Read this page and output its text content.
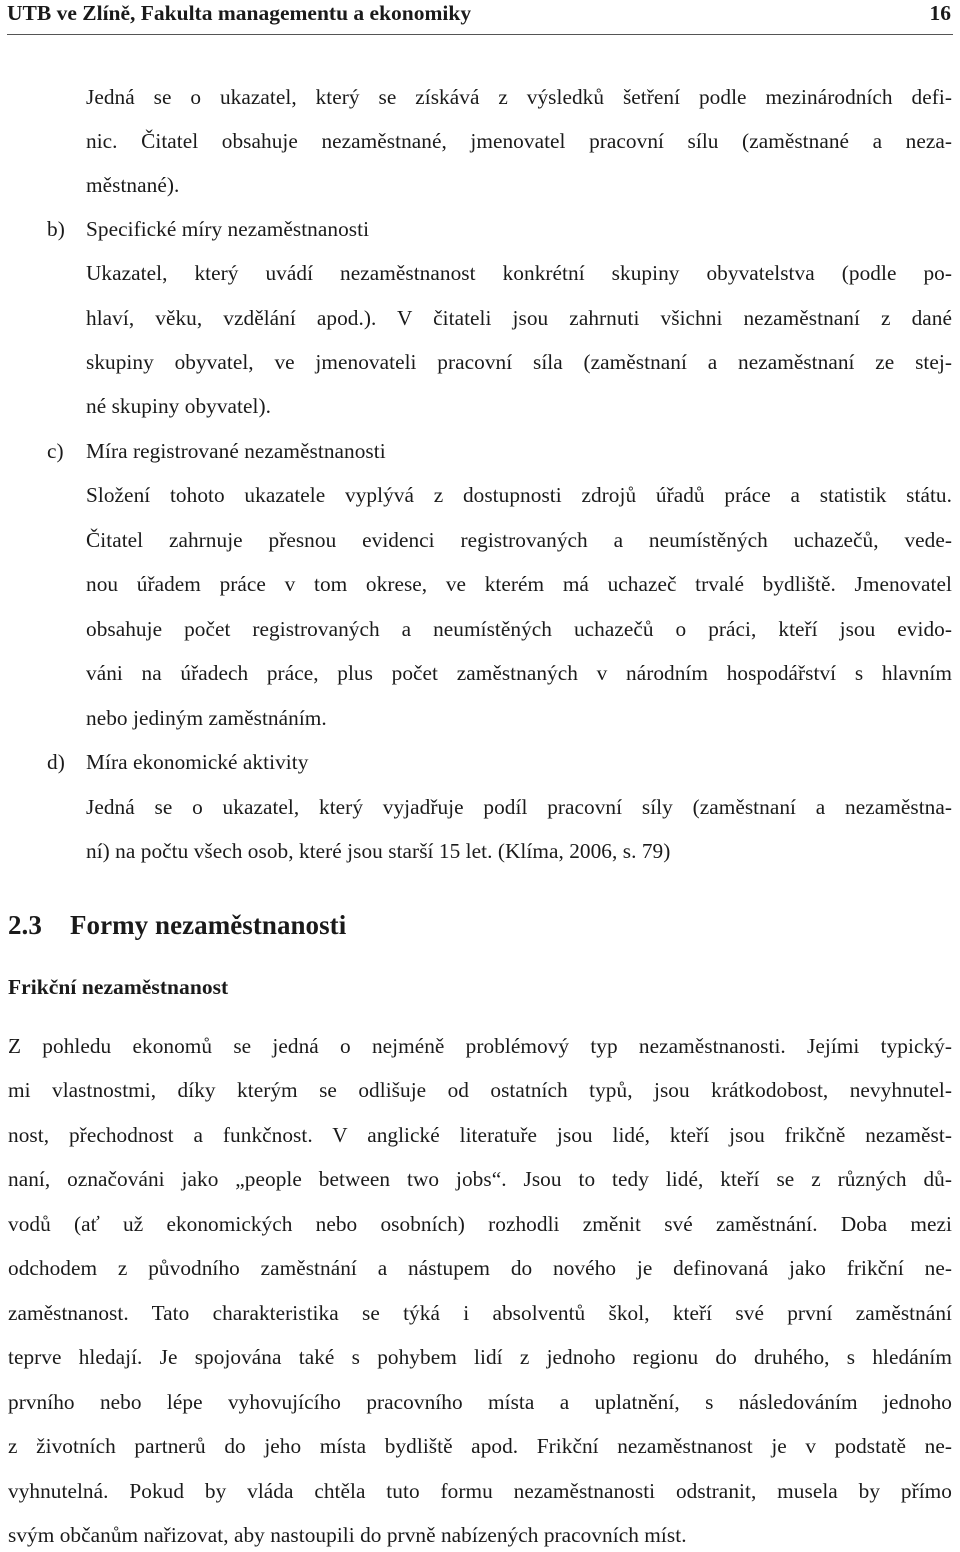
UTB ve Zlíně, Fakulta managementu a ekonomiky	16
Jedná se o ukazatel, který se získává z výsledků šetření podle mezinárodních defi-
nic. Čitatel obsahuje nezaměstnané, jmenovatel pracovní sílu (zaměstnané a neza-
městnané).
b) Specifické míry nezaměstnanosti
Ukazatel, který uvádí nezaměstnanost konkrétní skupiny obyvatelstva (podle po-
hlaví, věku, vzdělání apod.). V čitateli jsou zahrnuti všichni nezaměstnaní z dané
skupiny obyvatel, ve jmenovateli pracovní síla (zaměstnaní a nezaměstnaní ze stej-
né skupiny obyvatel).
c) Míra registrované nezaměstnanosti
Složení tohoto ukazatele vyplývá z dostupnosti zdrojů úřadů práce a statistik státu.
Čitatel zahrnuje přesnou evidenci registrovaných a neumístěných uchazečů, vede-
nou úřadem práce v tom okrese, ve kterém má uchazeč trvalé bydliště. Jmenovatel
obsahuje počet registrovaných a neumístěných uchazečů o práci, kteří jsou evido-
váni na úřadech práce, plus počet zaměstnaných v národním hospodářství s hlavním
nebo jediným zaměstnáním.
d) Míra ekonomické aktivity
Jedná se o ukazatel, který vyjadřuje podíl pracovní síly (zaměstnaní a nezaměstna-
ní) na počtu všech osob, které jsou starší 15 let. (Klíma, 2006, s. 79)
2.3 Formy nezaměstnanosti
Frikční nezaměstnanost
Z pohledu ekonomů se jedná o nejméně problémový typ nezaměstnanosti. Jejími typický-
mi vlastnostmi, díky kterým se odlišuje od ostatních typů, jsou krátkodobost, nevyhnutel-
nost, přechodnost a funkčnost. V anglické literatuře jsou lidé, kteří jsou frikčně nezaměst-
naní, označováni jako „people between two jobs“. Jsou to tedy lidé, kteří se z různých dů-
vodů (ať už ekonomických nebo osobních) rozhodli změnit své zaměstnání. Doba mezi
odchodem z původního zaměstnání a nástupem do nového je definovaná jako frikční ne-
zaměstnanost. Tato charakteristika se týká i absolventů škol, kteří své první zaměstnání
teprve hledají. Je spojována také s pohybem lidí z jednoho regionu do druhého, s hledáním
prvního nebo lépe vyhovujícího pracovního místa a uplatnění, s následováním jednoho
z životních partnerů do jeho místa bydliště apod. Frikční nezaměstnanost je v podstatě ne-
vyhnutelná. Pokud by vláda chtěla tuto formu nezaměstnanosti odstranit, musela by přímo
svým občanům nařizovat, aby nastoupili do prvně nabízených pracovních míst.
